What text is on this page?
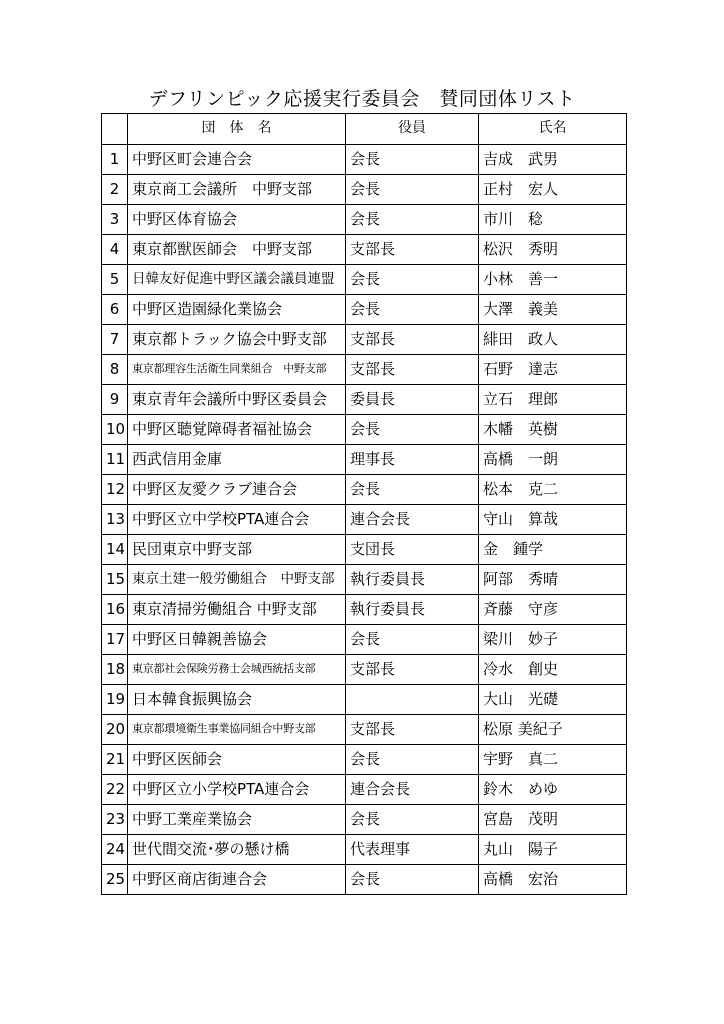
デフリンピック応援実行委員会　賛同団体リスト
	団　体　名	役員	氏名
1	中野区町会連合会	会長	吉成　武男
2	東京商工会議所　中野支部	会長	正村　宏人
3	中野区体育協会	会長	市川　稔
4	東京都獣医師会　中野支部	支部長	松沢　秀明
5	日韓友好促進中野区議会議員連盟	会長	小林　善一
6	中野区造園緑化業協会	会長	大澤　義美
7	東京都トラック協会中野支部	支部長	緋田　政人
8	東京都理容生活衛生同業組合　中野支部	支部長	石野　達志
9	東京青年会議所中野区委員会	委員長	立石　理郎
10	中野区聴覚障碍者福祉協会	会長	木幡　英樹
11	西武信用金庫	理事長	高橋　一朗
12	中野区友愛クラブ連合会	会長	松本　克二
13	中野区立中学校PTA連合会	連合会長	守山　算哉
14	民団東京中野支部	支団長	金　鍾学
15	東京土建一般労働組合　中野支部	執行委員長	阿部　秀晴
16	東京清掃労働組合 中野支部	執行委員長	斉藤　守彦
17	中野区日韓親善協会	会長	梁川　妙子
18	東京都社会保険労務士会城西統括支部	支部長	冷水　創史
19	日本韓食振興協会		大山　光礎
20	東京都環境衛生事業協同組合中野支部	支部長	松原 美紀子
21	中野区医師会	会長	宇野　真二
22	中野区立小学校PTA連合会	連合会長	鈴木　めゆ
23	中野工業産業協会	会長	宮島　茂明
24	世代間交流･夢の懸け橋	代表理事	丸山　陽子
25	中野区商店街連合会	会長	高橋　宏治
